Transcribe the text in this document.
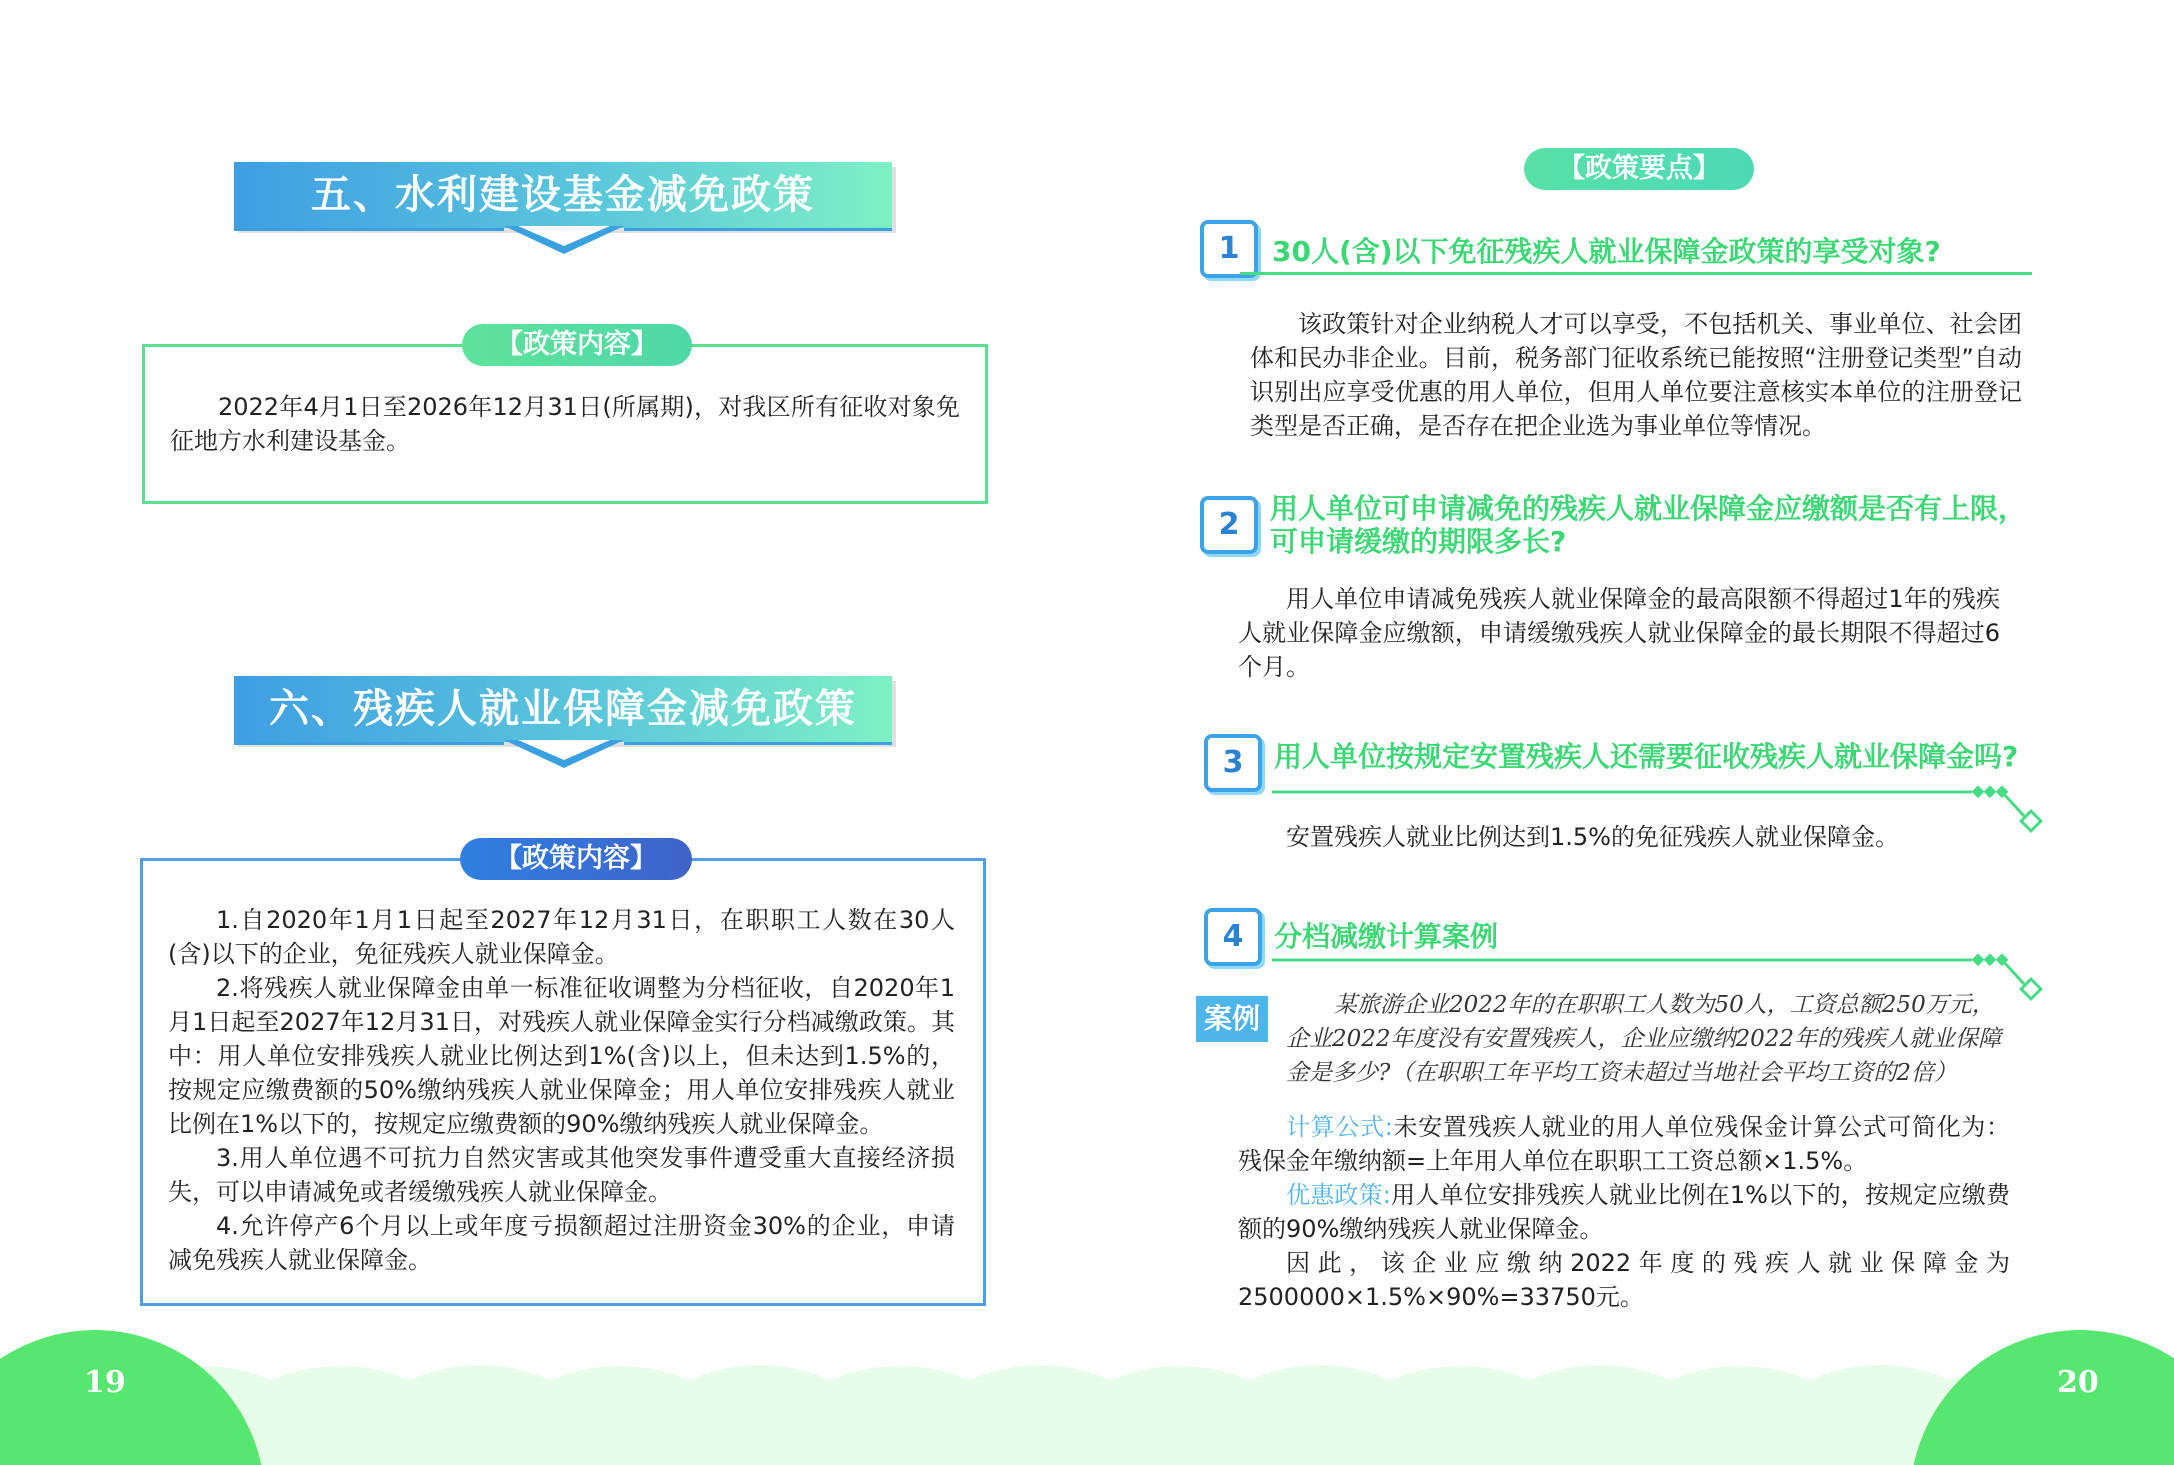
19	20
五、水利建设基金减免政策
【政策内容】

2022年4月1日至2026年12月31日(所属期)，对我区所有征收对象免征地方水利建设基金。

六、残疾人就业保障金减免政策
【政策内容】

1.自2020年1月1日起至2027年12月31日，在职职工人数在30人(含)以下的企业，免征残疾人就业保障金。

2.将残疾人就业保障金由单一标准征收调整为分档征收，自2020年1月1日起至2027年12月31日，对残疾人就业保障金实行分档减缴政策。其中：用人单位安排残疾人就业比例达到1%(含)以上，但未达到1.5%的，按规定应缴费额的50%缴纳残疾人就业保障金；用人单位安排残疾人就业比例在1%以下的，按规定应缴费额的90%缴纳残疾人就业保障金。

3.用人单位遇不可抗力自然灾害或其他突发事件遭受重大直接经济损失，可以申请减免或者缓缴残疾人就业保障金。

4.允许停产6个月以上或年度亏损额超过注册资金30%的企业，申请减免残疾人就业保障金。

【政策要点】
1	30人(含)以下免征残疾人就业保障金政策的享受对象?

该政策针对企业纳税人才可以享受，不包括机关、事业单位、社会团体和民办非企业。目前，税务部门征收系统已能按照“注册登记类型”自动识别出应享受优惠的用人单位，但用人单位要注意核实本单位的注册登记类型是否正确，是否存在把企业选为事业单位等情况。

2	用人单位可申请减免的残疾人就业保障金应缴额是否有上限，
可申请缓缴的期限多长?

用人单位申请减免残疾人就业保障金的最高限额不得超过1年的残疾人就业保障金应缴额，申请缓缴残疾人就业保障金的最长期限不得超过6个月。

3	用人单位按规定安置残疾人还需要征收残疾人就业保障金吗?

安置残疾人就业比例达到1.5%的免征残疾人就业保障金。

4	分档减缴计算案例
案例	某旅游企业2022年的在职职工人数为50人，工资总额250万元，企业2022年度没有安置残疾人，企业应缴纳2022年的残疾人就业保障金是多少?（在职职工年平均工资未超过当地社会平均工资的2倍）

计算公式:未安置残疾人就业的用人单位残保金计算公式可简化为：残保金年缴纳额=上年用人单位在职职工工资总额×1.5%。

优惠政策:用人单位安排残疾人就业比例在1%以下的，按规定应缴费额的90%缴纳残疾人就业保障金。

因此，该企业应缴纳2022年度的残疾人就业保障金为2500000×1.5%×90%=33750元。
